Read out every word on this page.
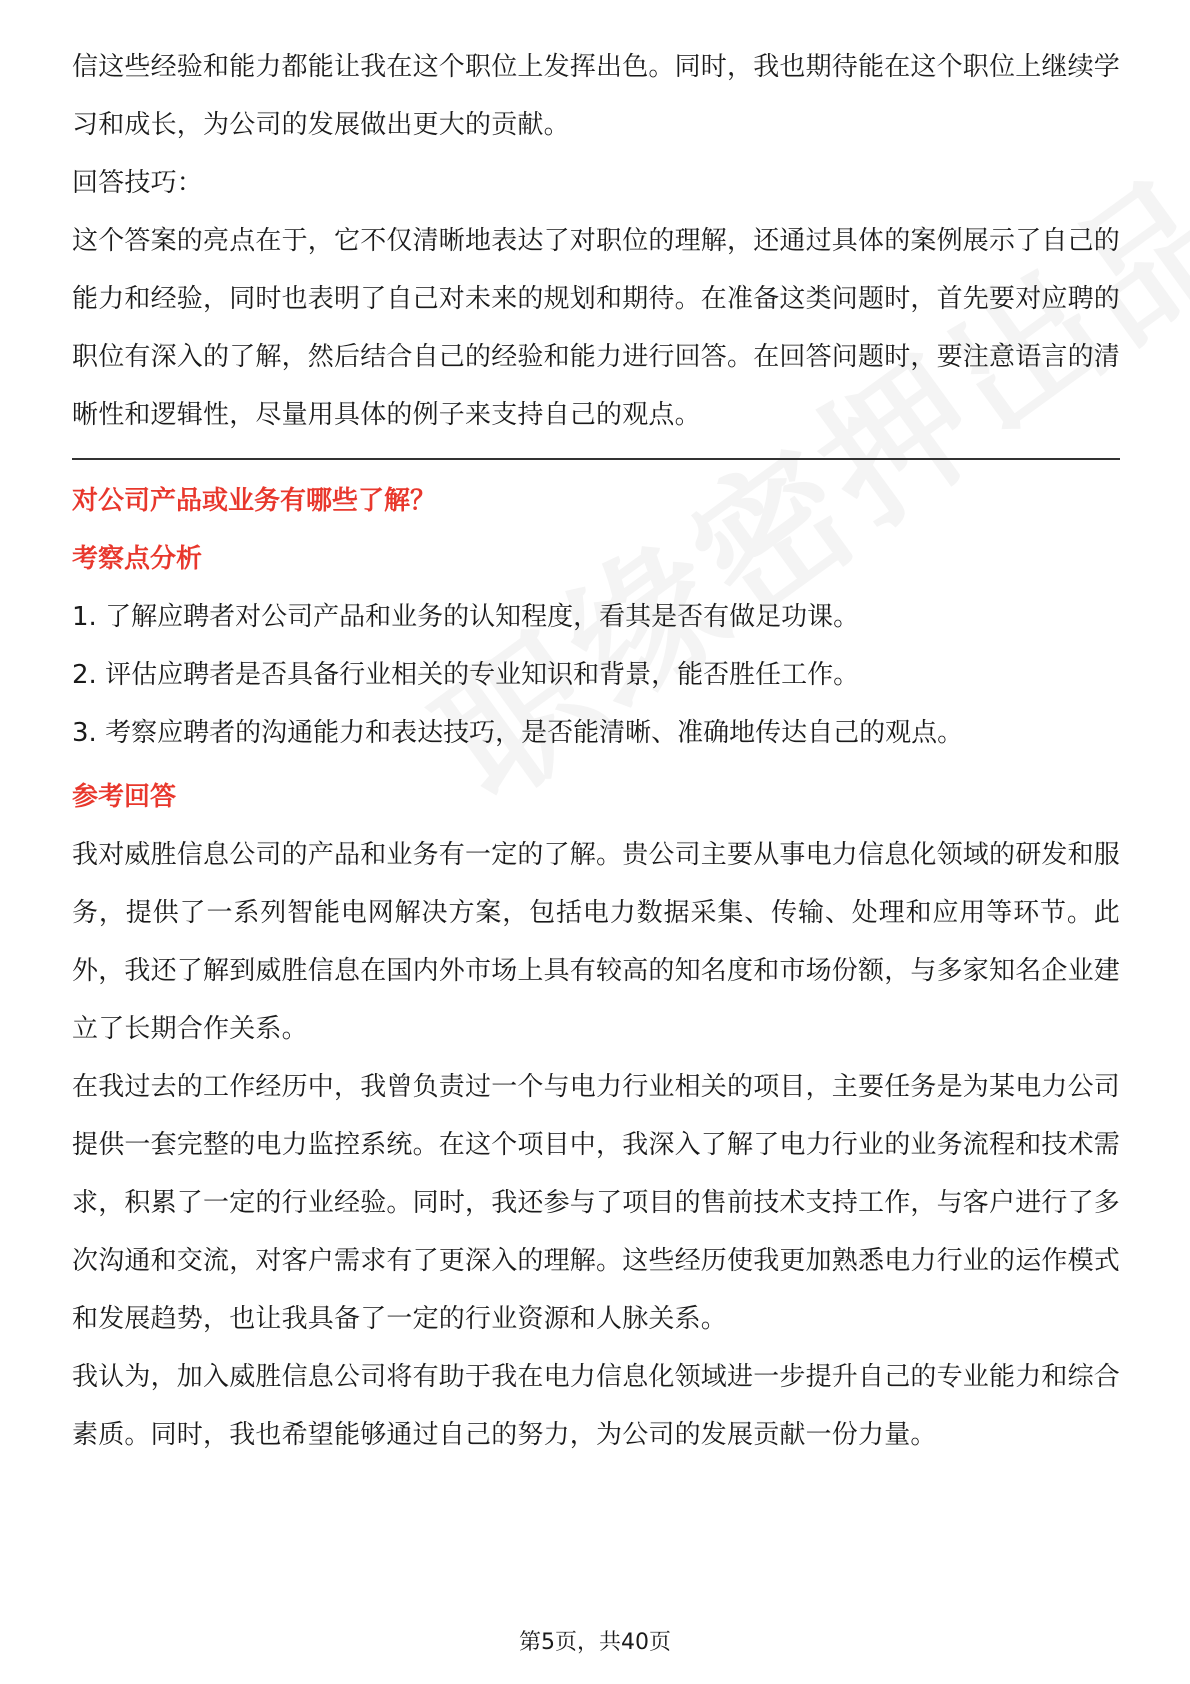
信这些经验和能力都能让我在这个职位上发挥出色。同时，我也期待能在这个职位上继续学习和成长，为公司的发展做出更大的贡献。

回答技巧：

这个答案的亮点在于，它不仅清晰地表达了对职位的理解，还通过具体的案例展示了自己的能力和经验，同时也表明了自己对未来的规划和期待。在准备这类问题时，首先要对应聘的职位有深入的了解，然后结合自己的经验和能力进行回答。在回答问题时，要注意语言的清晰性和逻辑性，尽量用具体的例子来支持自己的观点。

对公司产品或业务有哪些了解？
考察点分析
1. 了解应聘者对公司产品和业务的认知程度，看其是否有做足功课。
2. 评估应聘者是否具备行业相关的专业知识和背景，能否胜任工作。
3. 考察应聘者的沟通能力和表达技巧，是否能清晰、准确地传达自己的观点。
参考回答

我对威胜信息公司的产品和业务有一定的了解。贵公司主要从事电力信息化领域的研发和服务，提供了一系列智能电网解决方案，包括电力数据采集、传输、处理和应用等环节。此外，我还了解到威胜信息在国内外市场上具有较高的知名度和市场份额，与多家知名企业建立了长期合作关系。

在我过去的工作经历中，我曾负责过一个与电力行业相关的项目，主要任务是为某电力公司提供一套完整的电力监控系统。在这个项目中，我深入了解了电力行业的业务流程和技术需求，积累了一定的行业经验。同时，我还参与了项目的售前技术支持工作，与客户进行了多次沟通和交流，对客户需求有了更深入的理解。这些经历使我更加熟悉电力行业的运作模式和发展趋势，也让我具备了一定的行业资源和人脉关系。

我认为，加入威胜信息公司将有助于我在电力信息化领域进一步提升自己的专业能力和综合素质。同时，我也希望能够通过自己的努力，为公司的发展贡献一份力量。

第5页，共40页
